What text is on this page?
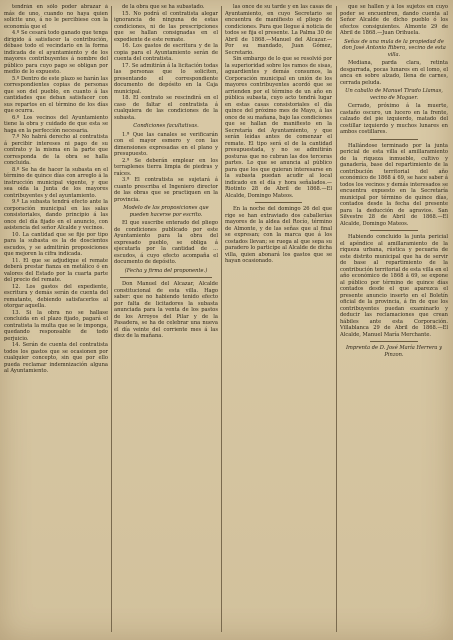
tendrán en sólo poder abrazar á más de uno, cuando no haya quien solicite uno, á no le percibiese con la economía que el

4.º Se cesará todo ganado que tenga dirigido á satisfacer la contribución, débase todo el vecindario en la forma indicada de el ayuntamiento y de los mayores contribuyentes á nombre del público para cuyo pago se obligan por medio de lo expuesto.

5.º Dentro de este plazo se harán las correspondientes copias de personas que son del pueblo, en cuanto á las cantidades que deban satisfacer con sus repartos en el término de los días que ocurra.

6.º Los vecinos del Ayuntamiento tiene la obra y cuidado de que esta se haga en la perfección necesaria.

7.º No habrá derecho al contratista á percibir intereses ni pago de su contrato y la misma en la parte que corresponda de la obra se halla concluida.

8.º Se ha de hacer la subasta en el término de quince días con arreglo á la instrucción municipal vigente, y que sea oída la Junta de los mayores contribuyentes y del ayuntamiento.

9.º La subasta tendrá efecto ante la corporación municipal en las salas consistoriales, dando principio á las once del día fijado en el anuncio, con asistencia del señor Alcalde y vecinos.

10. La cantidad que se fije por tipo para la subasta es la de doscientos escudos, y se admitirán proposiciones que mejoren la cifra indicada.

11. El que se adjudique el remate deberá prestar fianza en metálico ó en valores del Estado por la cuarta parte del precio del remate.

12. Los gastos del expediente, escritura y demás serán de cuenta del rematante, debiendo satisfacerlos al otorgar aquella.

13. Si la obra no se hallase concluida en el plazo fijado, pagará el contratista la multa que se le imponga, quedando responsable de todo perjuicio.

14. Serán de cuenta del contratista todos los gastos que se ocasionen por cualquier concepto, sin que por ello pueda reclamar indemnización alguna al Ayuntamiento.

de la obra que se ha subastado.

15. No podrá el contratista alegar ignorancia de ninguna de estas condiciones, ni de las prescripciones que se hallan consignadas en el expediente de este remate.

16. Los gastos de escritura y de la copia para el Ayuntamiento serán de cuenta del contratista.

17. Se admitirán á la licitación todas las personas que lo soliciten, presentando el correspondiente documento de depósito en la Caja municipal.

18. El contrato se rescindirá en el caso de faltar el contratista á cualquiera de las condiciones de la subasta.

Condiciones facultativas.

1.ª Que las canales se verificarán con el mayor esmero y con las dimensiones expresadas en el plano y presupuesto.

2.ª Se deberán emplear en los terraplenes tierra limpia de piedras y raíces.

3.ª El contratista se sujetará á cuanto prescriba el Ingeniero director de las obras que se practiquen en la provincia.

Modelo de las proposiciones que pueden hacerse por escrito.

El que suscribe enterado del pliego de condiciones publicado por este Ayuntamiento para la obra del expresado pueblo, se obliga á ejecutarla por la cantidad de ... escudos, á cuyo efecto acompaña el documento de depósito.

(Fecha y firma del proponente.)

Don Manuel del Alcazar, Alcalde constitucional de esta villa. Hago saber: que no habiendo tenido efecto por falta de licitadores la subasta anunciada para la venta de los pastos de los Arroyos del Pilar y de la Pasadera, se ha de celebrar una nueva el día veinte del corriente mes á las diez de la mañana.

las once de su tarde y en las casas de Ayuntamiento, en cuyo Secretario se encuentra de manifiesto el pliego de condiciones. Para que llegue á noticia de todos se fija el presente. La Palma 30 de Abril de 1868.—Manuel del Alcazar.—Por su mandado, Juan Gómez, Secretario.

Sin embargo de lo que se resolvió por la superioridad sobre los ramos de sisas, aguardientes y demás consumos, la Corporación municipal en unión de los mayores contribuyentes acordó que se arrienden por el término de un año en pública subasta, cuyo acto tendrá lugar en estas casas consistoriales el día quince del próximo mes de Mayo, á las once de su mañana, bajo las condiciones que se hallan de manifiesto en la Secretaría del Ayuntamiento, y que serán leídas antes de comenzar el remate. El tipo será el de la cantidad presupuestada, y no se admitirán posturas que no cubran las dos terceras partes. Lo que se anuncia al público para que los que quieran interesarse en la subasta puedan acudir al local indicado en el día y hora señalados.—Riotinto 28 de Abril de 1868.—El Alcalde, Domingo Mateos.

En la noche del domingo 26 del que rige se han extraviado dos caballerías mayores de la aldea del Rocío, término de Almonte, y de las señas que al final se expresan; con la marca que á los costados llevan; se ruega al que sepa su paradero lo participe al Alcalde de dicha villa, quien abonará los gastos que se hayan ocasionado.

que se hallen y á los sujetos en cuyo poder se encuentren, dando cuenta al Señor Alcalde de dicho pueblo ó los efectos consiguientes. Almonte 29 de Abril de 1868.—Juan Orihuela.

Señas de una mula de la propiedad de don José Antonio Ribera, vecino de esta villa.

Mediana, parda clara, retinta desgarrada, pocas lunares en el lomo, el anca en sobre alzado, llena de carnes, cerrada peluda.

Un caballo de Manuel Tirado Llamas, vecino de Moguer.

Cerrado, próximo á la muerte, castaño oscuro, un lucero en la frente, calzado del pie izquierdo, matado del costillar izquierdo y muchos lunares en ambos costillares.

Hallándose terminado por la junta pericial de esta villa el amillaramiento de la riqueza inmueble, cultivo y ganadería, base del repartimiento de la contribución territorial del año económico de 1868 á 69, se hace saber á todos los vecinos y demás interesados se encuentra expuesto en la Secretaría municipal por término de quince días, contados desde la fecha del presente para la deducción de agravios. San Silvestre 28 de Abril de 1868.—El Alcalde, Domingo Mateos.

Habiendo concluido la junta pericial el apéndice al amillaramiento de la riqueza urbana, rústica y pecuaria de este distrito municipal que ha de servir de base al repartimiento de la contribución territorial de esta villa en el año económico de 1868 á 69, se expone al público por término de quince días contados desde el que aparezca el presente anuncio inserto en el Boletín oficial de la provincia, á fin de que los contribuyentes puedan examinarlo y deducir las reclamaciones que crean hábiles ante esta Corporación. Villablanca 29 de Abril de 1868.—El Alcalde, Manuel María Merchante.

Imprenta de D. José María Herrera y Pinzon.
